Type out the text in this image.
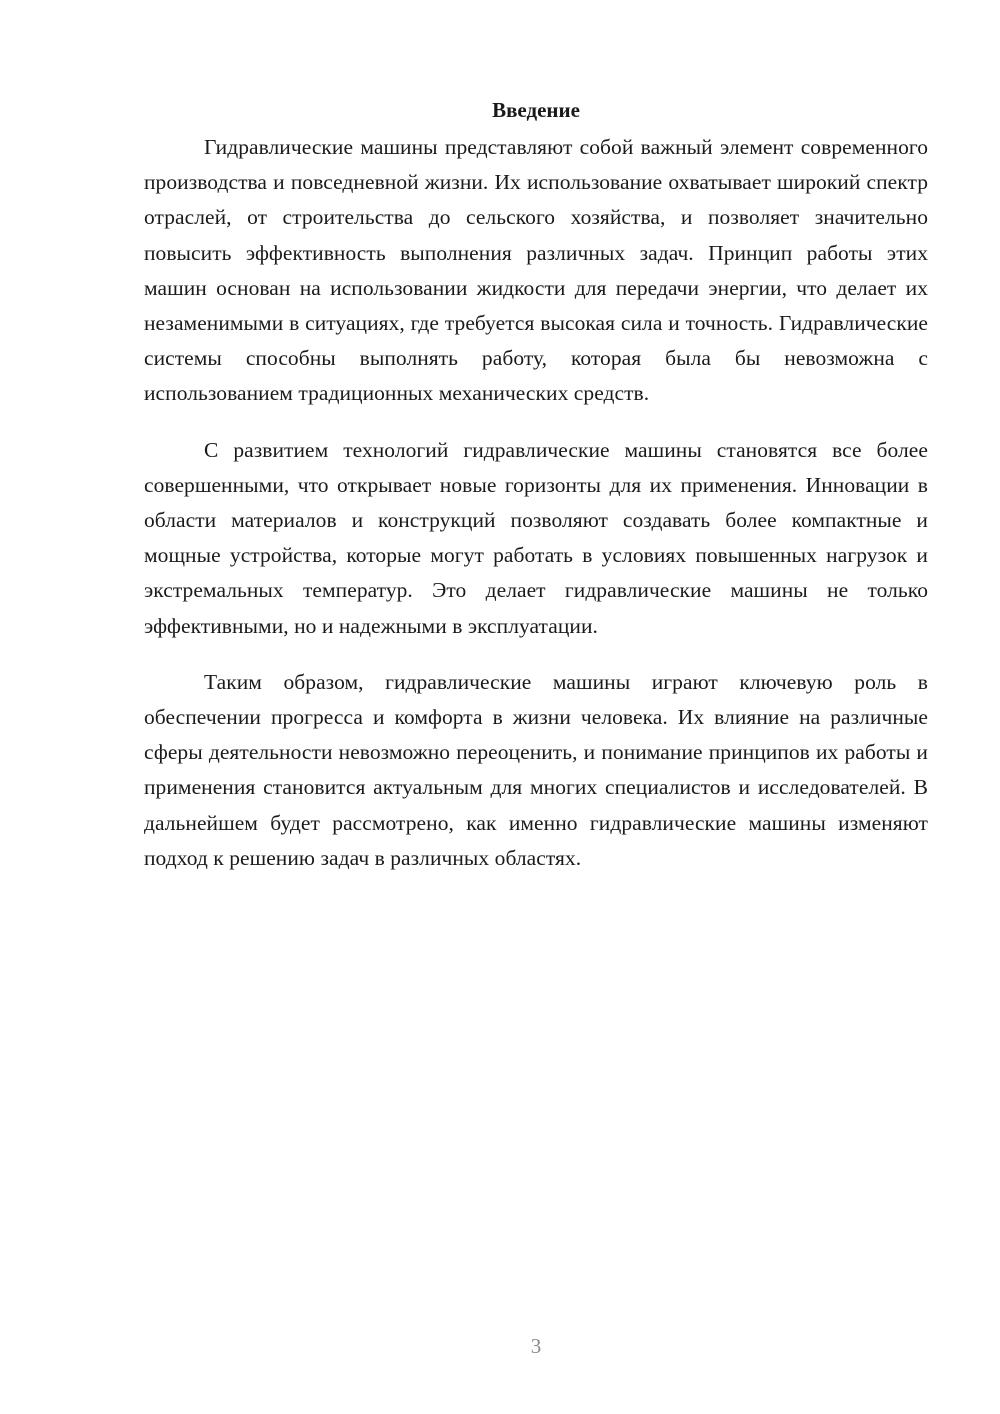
Введение

Гидравлические машины представляют собой важный элемент современного производства и повседневной жизни. Их использование охватывает широкий спектр отраслей, от строительства до сельского хозяйства, и позволяет значительно повысить эффективность выполнения различных задач. Принцип работы этих машин основан на использовании жидкости для передачи энергии, что делает их незаменимыми в ситуациях, где требуется высокая сила и точность. Гидравлические системы способны выполнять работу, которая была бы невозможна с использованием традиционных механических средств.

С развитием технологий гидравлические машины становятся все более совершенными, что открывает новые горизонты для их применения. Инновации в области материалов и конструкций позволяют создавать более компактные и мощные устройства, которые могут работать в условиях повышенных нагрузок и экстремальных температур. Это делает гидравлические машины не только эффективными, но и надежными в эксплуатации.

Таким образом, гидравлические машины играют ключевую роль в обеспечении прогресса и комфорта в жизни человека. Их влияние на различные сферы деятельности невозможно переоценить, и понимание принципов их работы и применения становится актуальным для многих специалистов и исследователей. В дальнейшем будет рассмотрено, как именно гидравлические машины изменяют подход к решению задач в различных областях.

3
